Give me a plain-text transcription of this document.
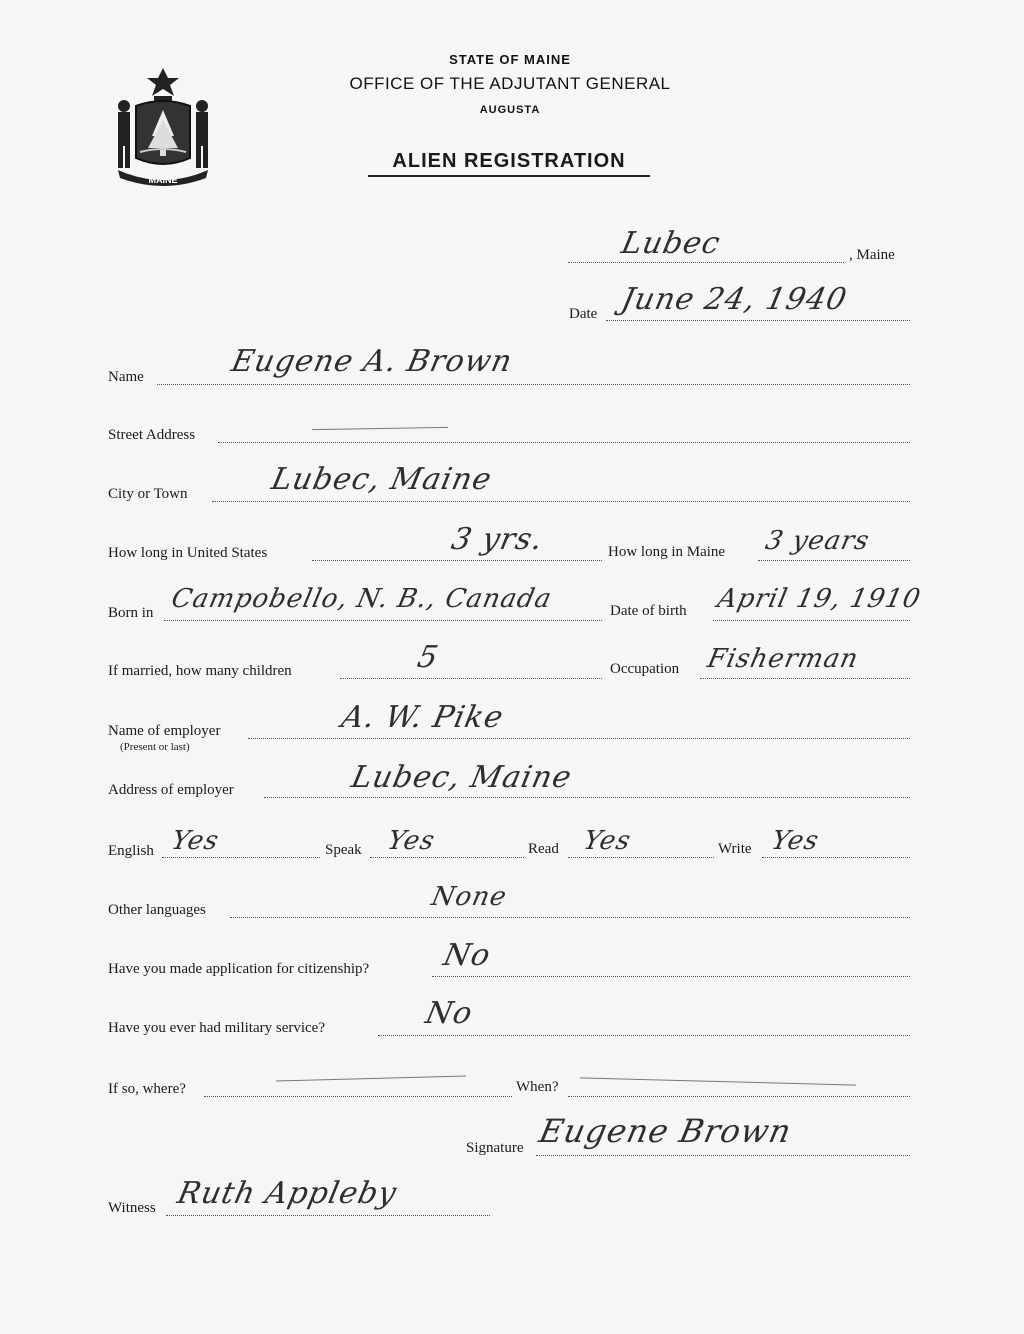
MAINE
STATE OF MAINE
OFFICE OF THE ADJUTANT GENERAL
AUGUSTA
ALIEN REGISTRATION
Lubec	, Maine
Date June 24, 1940
Name	Eugene A. Brown
Street Address
City or Town	Lubec, Maine
How long in United States	3 yrs.	How long in Maine 3 years
Born in Campobello, N. B., Canada	Date of birth April 19, 1910
If married, how many children	5	Occupation Fisherman
Name of employer
(Present or last)
A. W. Pike
Address of employer	Lubec, Maine
English Yes	Speak Yes	Read Yes	Write Yes
Other languages	None
Have you made application for citizenship? No
Have you ever had military service?	No
If so, where?	When?
Signature Eugene Brown
Witness Ruth Appleby
